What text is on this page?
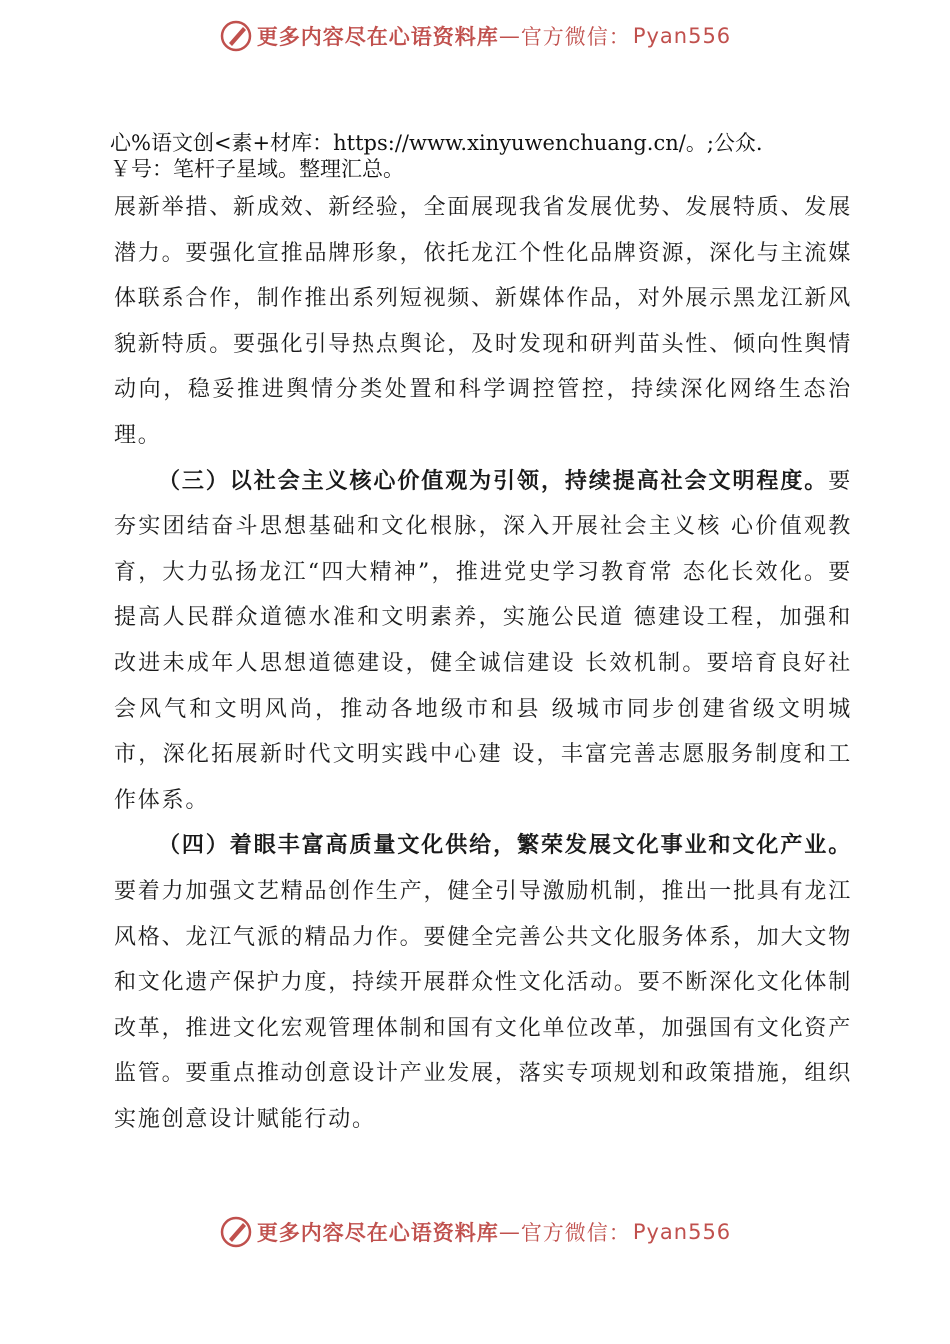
更多内容尽在心语资料库 — 官方微信： Pyan556
心%语文创<素+材库：https://www.xinyuwenchuang.cn/。;公众.
￥号：笔杆子星域。整理汇总。

展新举措、新成效、新经验，全面展现我省发展优势、发展特质、发展潜力。要强化宣推品牌形象，依托龙江个性化品牌资源，深化与主流媒体联系合作，制作推出系列短视频、新媒体作品，对外展示黑龙江新风貌新特质。要强化引导热点舆论，及时发现和研判苗头性、倾向性舆情动向，稳妥推进舆情分类处置和科学调控管控，持续深化网络生态治理。

（三）以社会主义核心价值观为引领，持续提高社会文明程度。要夯实团结奋斗思想基础和文化根脉，深入开展社会主义核 心价值观教育，大力弘扬龙江“四大精神”，推进党史学习教育常 态化长效化。要提高人民群众道德水准和文明素养，实施公民道 德建设工程，加强和改进未成年人思想道德建设，健全诚信建设 长效机制。要培育良好社会风气和文明风尚，推动各地级市和县 级城市同步创建省级文明城市，深化拓展新时代文明实践中心建 设，丰富完善志愿服务制度和工作体系。

（四）着眼丰富高质量文化供给，繁荣发展文化事业和文化产业。要着力加强文艺精品创作生产，健全引导激励机制，推出一批具有龙江风格、龙江气派的精品力作。要健全完善公共文化服务体系，加大文物和文化遗产保护力度，持续开展群众性文化活动。要不断深化文化体制改革，推进文化宏观管理体制和国有文化单位改革，加强国有文化资产监管。要重点推动创意设计产业发展，落实专项规划和政策措施，组织实施创意设计赋能行动。

更多内容尽在心语资料库 — 官方微信： Pyan556
